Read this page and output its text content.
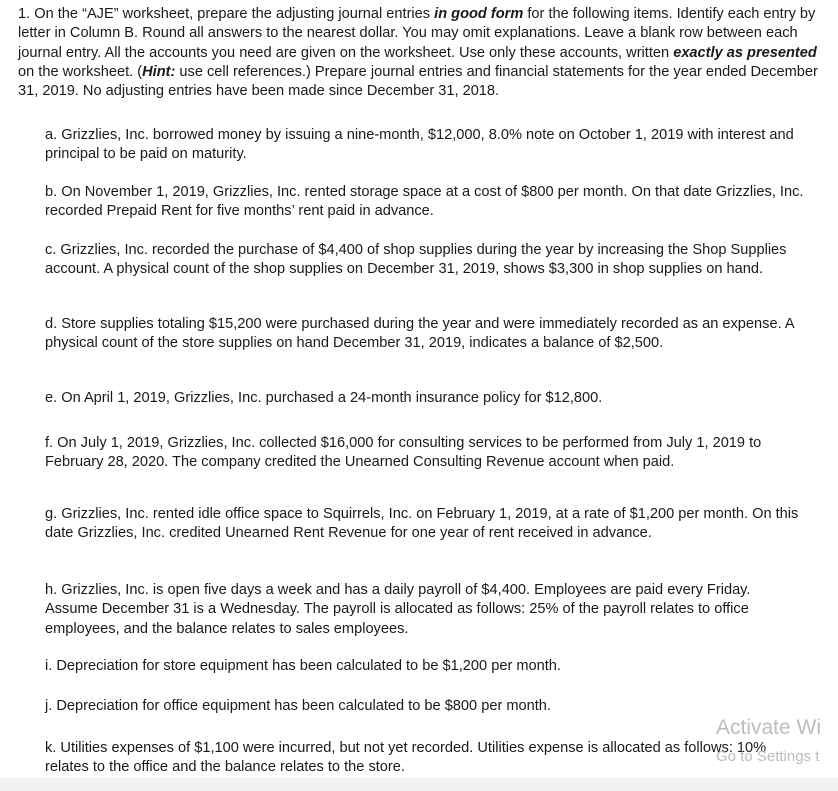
1. On the “AJE” worksheet, prepare the adjusting journal entries in good form for the following items. Identify each entry by letter in Column B. Round all answers to the nearest dollar. You may omit explanations. Leave a blank row between each journal entry. All the accounts you need are given on the worksheet. Use only these accounts, written exactly as presented on the worksheet. (Hint: use cell references.) Prepare journal entries and financial statements for the year ended December 31, 2019. No adjusting entries have been made since December 31, 2018.

a. Grizzlies, Inc. borrowed money by issuing a nine-month, $12,000, 8.0% note on October 1, 2019 with interest and principal to be paid on maturity.

b. On November 1, 2019, Grizzlies, Inc. rented storage space at a cost of $800 per month. On that date Grizzlies, Inc. recorded Prepaid Rent for five months’ rent paid in advance.

c. Grizzlies, Inc. recorded the purchase of $4,400 of shop supplies during the year by increasing the Shop Supplies account. A physical count of the shop supplies on December 31, 2019, shows $3,300 in shop supplies on hand.

d. Store supplies totaling $15,200 were purchased during the year and were immediately recorded as an expense. A physical count of the store supplies on hand December 31, 2019, indicates a balance of $2,500.

e. On April 1, 2019, Grizzlies, Inc. purchased a 24-month insurance policy for $12,800.

f. On July 1, 2019, Grizzlies, Inc. collected $16,000 for consulting services to be performed from July 1, 2019 to February 28, 2020. The company credited the Unearned Consulting Revenue account when paid.

g. Grizzlies, Inc. rented idle office space to Squirrels, Inc. on February 1, 2019, at a rate of $1,200 per month. On this date Grizzlies, Inc. credited Unearned Rent Revenue for one year of rent received in advance.

h. Grizzlies, Inc. is open five days a week and has a daily payroll of $4,400. Employees are paid every Friday. Assume December 31 is a Wednesday. The payroll is allocated as follows: 25% of the payroll relates to office employees, and the balance relates to sales employees.

i. Depreciation for store equipment has been calculated to be $1,200 per month.

j. Depreciation for office equipment has been calculated to be $800 per month.

k. Utilities expenses of $1,100 were incurred, but not yet recorded. Utilities expense is allocated as follows: 10% relates to the office and the balance relates to the store.

Activate Wi
Go to Settings t
